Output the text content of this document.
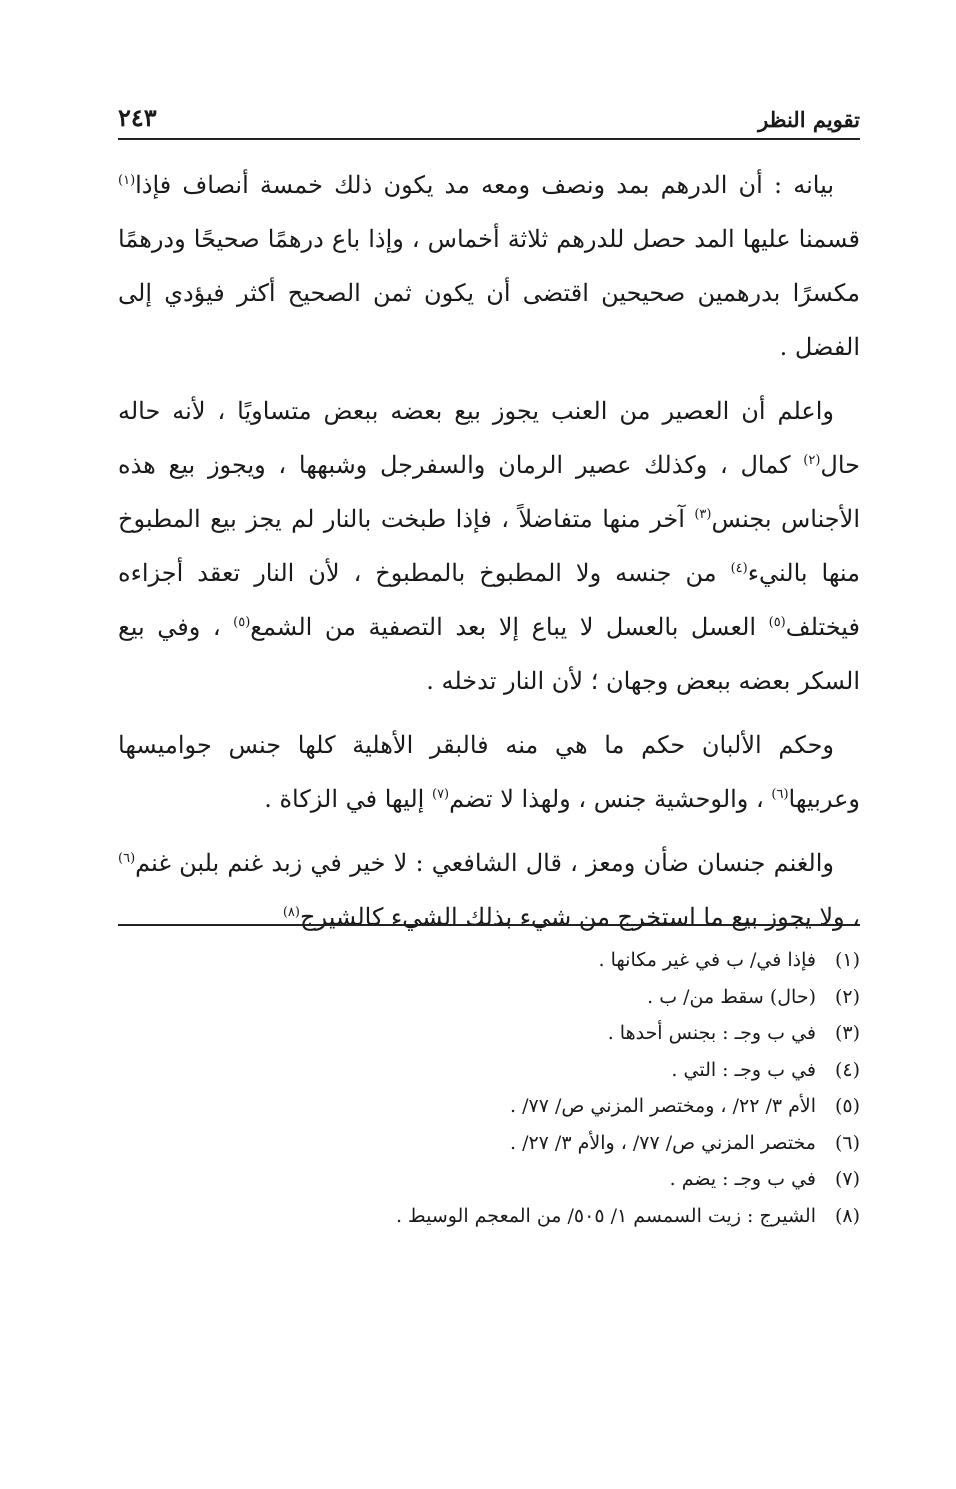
تقويم النظر
٢٤٣

بيانه : أن الدرهم بمد ونصف ومعه مد يكون ذلك خمسة أنصاف فإذا$^{(١)}$ قسمنا عليها المد حصل للدرهم ثلاثة أخماس ، وإذا باع درهمًا صحيحًا ودرهمًا مكسرًا بدرهمين صحيحين اقتضى أن يكون ثمن الصحيح أكثر فيؤدي إلى الفضل .

واعلم أن العصير من العنب يجوز بيع بعضه ببعض متساويًا ، لأنه حاله حال$^{(٢)}$ كمال ، وكذلك عصير الرمان والسفرجل وشبهها ، ويجوز بيع هذه الأجناس بجنس$^{(٣)}$ آخر منها متفاضلاً ، فإذا طبخت بالنار لم يجز بيع المطبوخ منها بالنيء$^{(٤)}$ من جنسه ولا المطبوخ بالمطبوخ ، لأن النار تعقد أجزاءه فيختلف$^{(٥)}$ العسل بالعسل لا يباع إلا بعد التصفية من الشمع$^{(٥)}$ ، وفي بيع السكر بعضه ببعض وجهان ؛ لأن النار تدخله .

وحكم الألبان حكم ما هي منه فالبقر الأهلية كلها جنس جواميسها وعربيها$^{(٦)}$ ، والوحشية جنس ، ولهذا لا تضم$^{(٧)}$ إليها في الزكاة .

والغنم جنسان ضأن ومعز ، قال الشافعي : لا خير في زبد غنم بلبن غنم$^{(٦)}$ ، ولا يجوز بيع ما استخرج من شيء بذلك الشيء كالشيرج$^{(٨)}$

(١)
فإذا في/ ب في غير مكانها .
(٢)
(حال) سقط من/ ب .
(٣)
في ب وجـ : بجنس أحدها .
(٤)
في ب وجـ : التي .
(٥)
الأم ٣/ ٢٢/ ، ومختصر المزني ص/ ٧٧/ .
(٦)
مختصر المزني ص/ ٧٧/ ، والأم ٣/ ٢٧/ .
(٧)
في ب وجـ : يضم .
(٨)
الشيرج : زيت السمسم ١/ ٥٠٥/ من المعجم الوسيط .
